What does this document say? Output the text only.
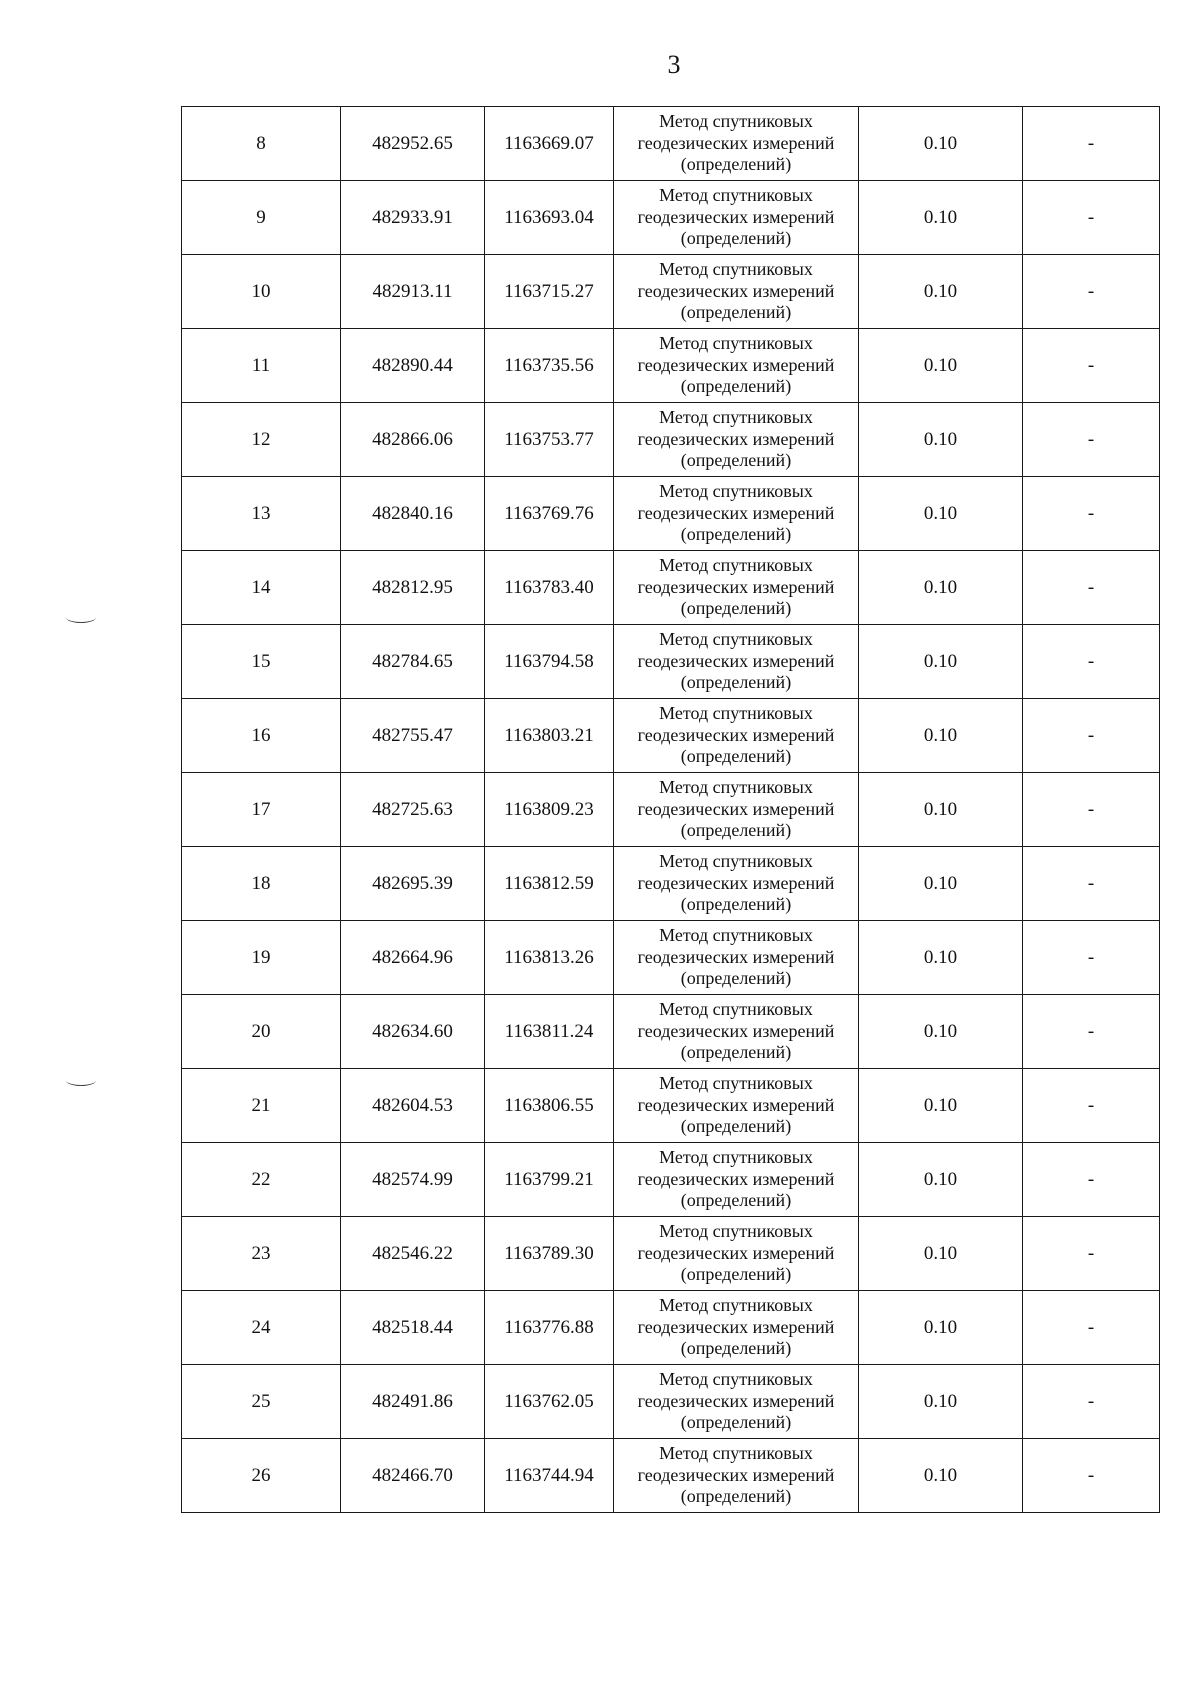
3
8	482952.65	1163669.07	Метод спутниковых геодезических измерений (определений)	0.10	-
9	482933.91	1163693.04	Метод спутниковых геодезических измерений (определений)	0.10	-
10	482913.11	1163715.27	Метод спутниковых геодезических измерений (определений)	0.10	-
11	482890.44	1163735.56	Метод спутниковых геодезических измерений (определений)	0.10	-
12	482866.06	1163753.77	Метод спутниковых геодезических измерений (определений)	0.10	-
13	482840.16	1163769.76	Метод спутниковых геодезических измерений (определений)	0.10	-
14	482812.95	1163783.40	Метод спутниковых геодезических измерений (определений)	0.10	-
15	482784.65	1163794.58	Метод спутниковых геодезических измерений (определений)	0.10	-
16	482755.47	1163803.21	Метод спутниковых геодезических измерений (определений)	0.10	-
17	482725.63	1163809.23	Метод спутниковых геодезических измерений (определений)	0.10	-
18	482695.39	1163812.59	Метод спутниковых геодезических измерений (определений)	0.10	-
19	482664.96	1163813.26	Метод спутниковых геодезических измерений (определений)	0.10	-
20	482634.60	1163811.24	Метод спутниковых геодезических измерений (определений)	0.10	-
21	482604.53	1163806.55	Метод спутниковых геодезических измерений (определений)	0.10	-
22	482574.99	1163799.21	Метод спутниковых геодезических измерений (определений)	0.10	-
23	482546.22	1163789.30	Метод спутниковых геодезических измерений (определений)	0.10	-
24	482518.44	1163776.88	Метод спутниковых геодезических измерений (определений)	0.10	-
25	482491.86	1163762.05	Метод спутниковых геодезических измерений (определений)	0.10	-
26	482466.70	1163744.94	Метод спутниковых геодезических измерений (определений)	0.10	-
